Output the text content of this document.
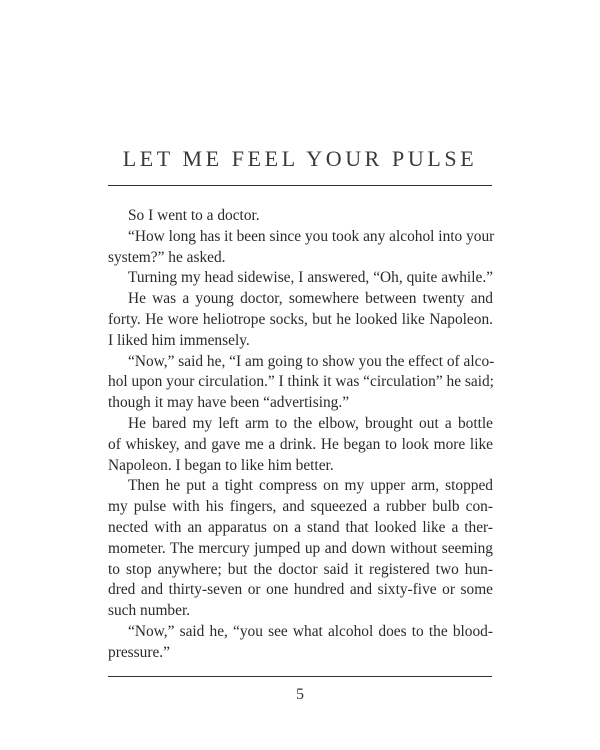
LET ME FEEL YOUR PULSE
So I went to a doctor.
“How long has it been since you took any alcohol into your
system?” he asked.
Turning my head sidewise, I answered, “Oh, quite awhile.”
He was a young doctor, somewhere between twenty and
forty. He wore heliotrope socks, but he looked like Napoleon.
I liked him immensely.
“Now,” said he, “I am going to show you the effect of alco-
hol upon your circulation.” I think it was “circulation” he said;
though it may have been “advertising.”
He bared my left arm to the elbow, brought out a bottle
of whiskey, and gave me a drink. He began to look more like
Napoleon. I began to like him better.
Then he put a tight compress on my upper arm, stopped
my pulse with his fingers, and squeezed a rubber bulb con-
nected with an apparatus on a stand that looked like a ther-
mometer. The mercury jumped up and down without seeming
to stop anywhere; but the doctor said it registered two hun-
dred and thirty-seven or one hundred and sixty-five or some
such number.
“Now,” said he, “you see what alcohol does to the blood-
pressure.”
5
